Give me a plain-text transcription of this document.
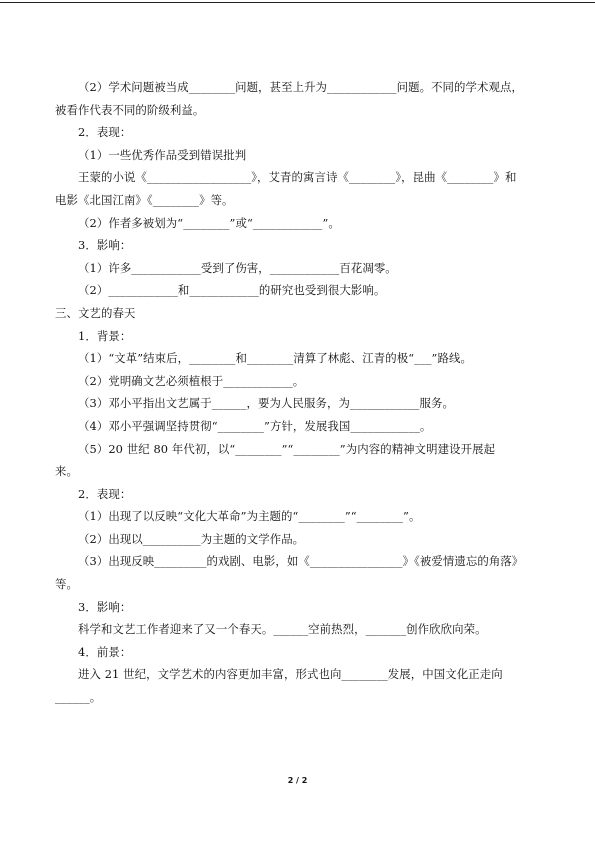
（2）学术问题被当成________问题，甚至上升为____________问题。不同的学术观点，
被看作代表不同的阶级利益。
2．表现：
（1）一些优秀作品受到错误批判
王蒙的小说《__________________》，艾青的寓言诗《________》，昆曲《________》和
电影《北国江南》《________》等。
（2）作者多被划为“________”或“____________”。
3．影响：
（1）许多____________受到了伤害，____________百花凋零。
（2）____________和____________的研究也受到很大影响。
三、文艺的春天
1．背景：
（1）“文革”结束后，________和________清算了林彪、江青的极“___”路线。
（2）党明确文艺必须植根于____________。
（3）邓小平指出文艺属于______，要为人民服务，为____________服务。
（4）邓小平强调坚持贯彻“________”方针，发展我国____________。
（5）20 世纪 80 年代初，以“________”“________”为内容的精神文明建设开展起
来。
2．表现：
（1）出现了以反映“文化大革命”为主题的“________”“________”。
（2）出现以__________为主题的文学作品。
（3）出现反映_________的戏剧、电影，如《________________》《被爱情遗忘的角落》
等。
3．影响：
科学和文艺工作者迎来了又一个春天。______空前热烈，_______创作欣欣向荣。
4．前景：
进入 21 世纪，文学艺术的内容更加丰富，形式也向________发展，中国文化正走向
______。
2 / 2
